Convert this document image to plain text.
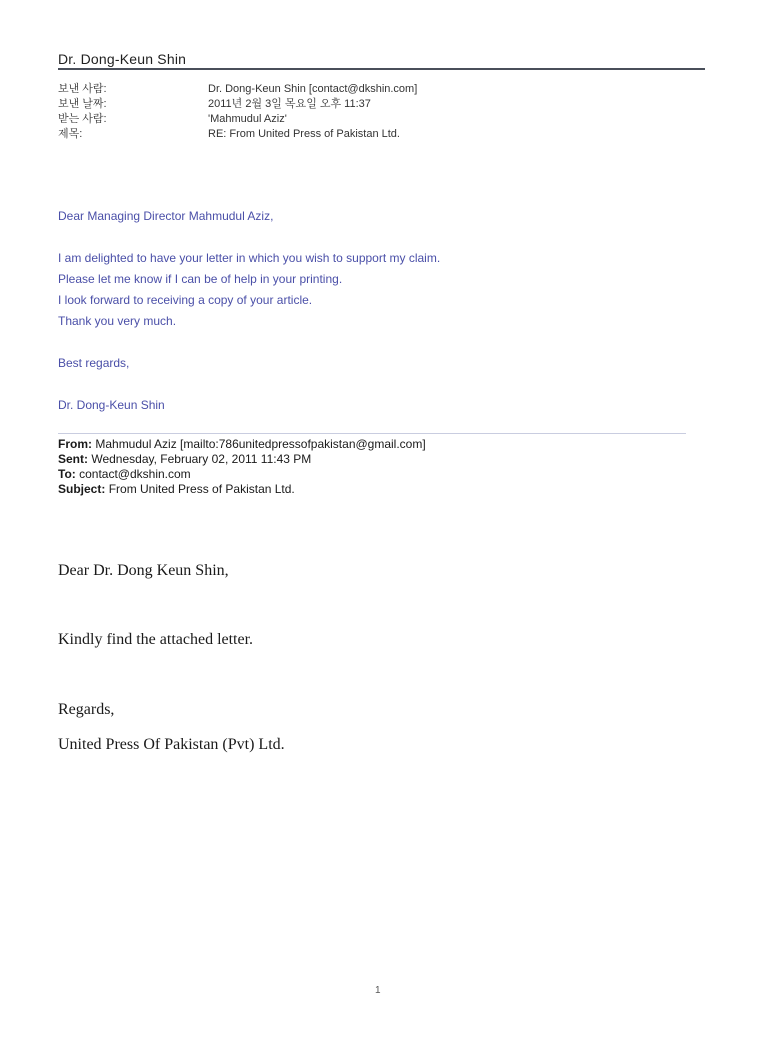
Dr. Dong-Keun Shin
보낸 사람:	Dr. Dong-Keun Shin [contact@dkshin.com]
보낸 날짜:	2011년 2월 3일 목요일 오후 11:37
받는 사람:	'Mahmudul Aziz'
제목:	RE: From United Press of Pakistan Ltd.
Dear Managing Director Mahmudul Aziz,
I am delighted to have your letter in which you wish to support my claim.
Please let me know if I can be of help in your printing.
I look forward to receiving a copy of your article.
Thank you very much.
Best regards,
Dr. Dong-Keun Shin
From: Mahmudul Aziz [mailto:786unitedpressofpakistan@gmail.com]
Sent: Wednesday, February 02, 2011 11:43 PM
To: contact@dkshin.com
Subject: From United Press of Pakistan Ltd.
Dear Dr. Dong Keun Shin,
Kindly find the attached letter.
Regards,
United Press Of Pakistan (Pvt) Ltd.
1
